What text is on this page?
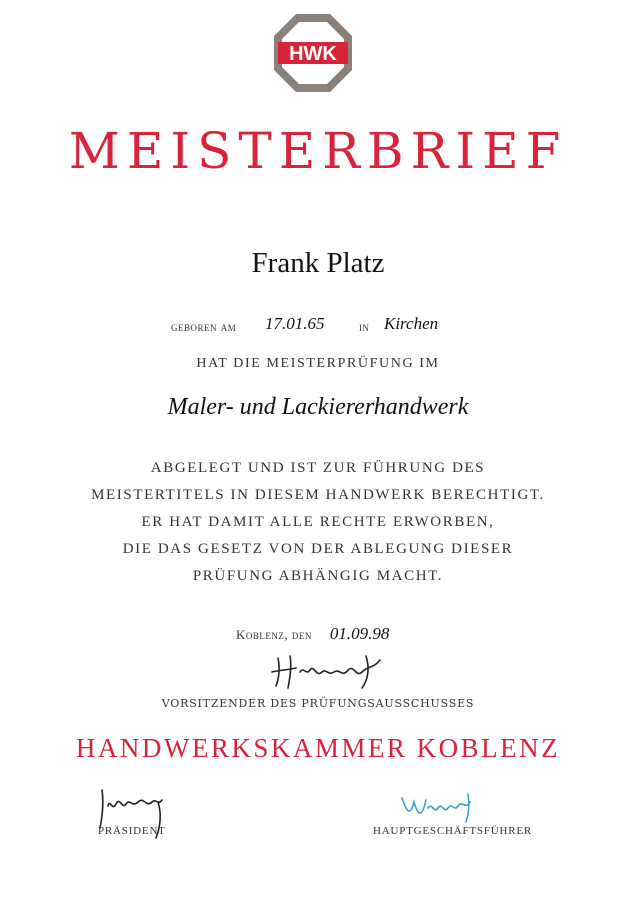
HWK
MEISTERBRIEF
Frank Platz
geboren am 17.01.65	in Kirchen
HAT DIE MEISTERPRÜFUNG IM
Maler- und Lackiererhandwerk
ABGELEGT UND IST ZUR FÜHRUNG DES
MEISTERTITELS IN DIESEM HANDWERK BERECHTIGT.
ER HAT DAMIT ALLE RECHTE ERWORBEN,
DIE DAS GESETZ VON DER ABLEGUNG DIESER
PRÜFUNG ABHÄNGIG MACHT.
Koblenz, den 01.09.98
VORSITZENDER DES PRÜFUNGSAUSSCHUSSES
HANDWERKSKAMMER KOBLENZ
PRÄSIDENT	HAUPTGESCHÄFTSFÜHRER
